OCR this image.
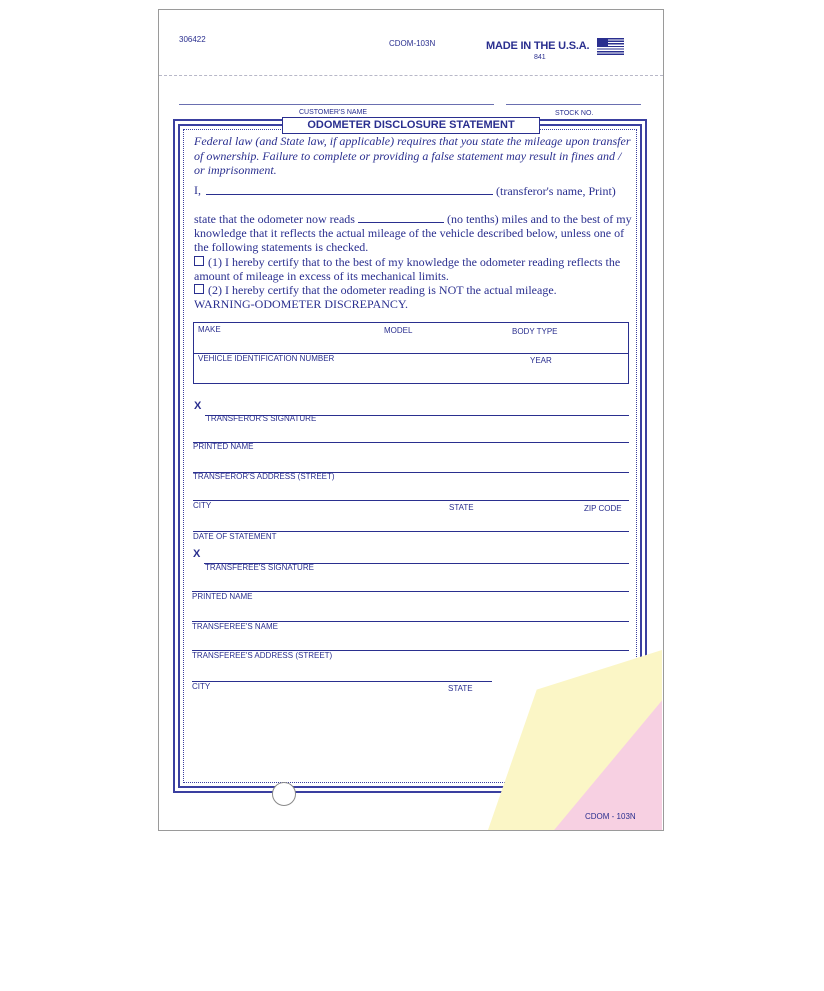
306422	CDOM-103N	MADE IN THE U.S.A.
841
CUSTOMER'S NAME	STOCK NO.
ODOMETER DISCLOSURE STATEMENT
Federal law (and State law, if applicable) requires that you state the mileage upon transfer of ownership. Failure to complete or providing a false statement may result in fines and / or imprisonment.
I,	(transferor's name, Print)
state that the odometer now reads	(no tenths) miles and to the best of my knowledge that it reflects the actual mileage of the vehicle described below, unless one of the following statements is checked.
(1) I hereby certify that to the best of my knowledge the odometer reading reflects the amount of mileage in excess of its mechanical limits.
(2) I hereby certify that the odometer reading is NOT the actual mileage.
WARNING-ODOMETER DISCREPANCY.
MAKE	MODEL	BODY TYPE
VEHICLE IDENTIFICATION NUMBER	YEAR
X
TRANSFEROR'S SIGNATURE
PRINTED NAME
TRANSFEROR'S ADDRESS (STREET)
CITY	STATE	ZIP CODE
DATE OF STATEMENT
X
TRANSFEREE'S SIGNATURE
PRINTED NAME
TRANSFEREE'S NAME
TRANSFEREE'S ADDRESS (STREET)
CITY	STATE
CDOM - 103N
